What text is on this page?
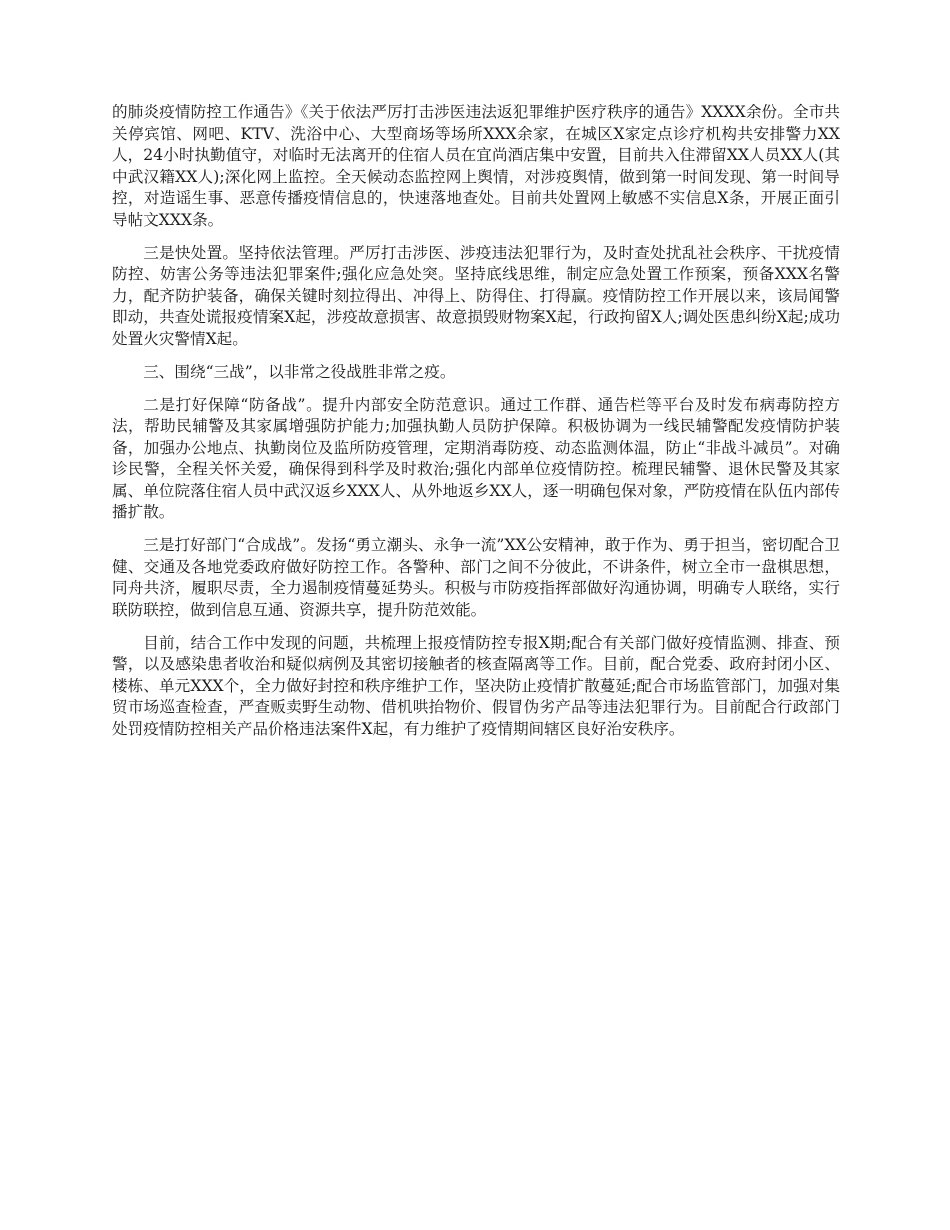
的肺炎疫情防控工作通告》《关于依法严厉打击涉医违法返犯罪维护医疗秩序的通告》XXXX余份。全市共关停宾馆、网吧、KTV、洗浴中心、大型商场等场所XXX余家，在城区X家定点诊疗机构共安排警力XX人，24小时执勤值守，对临时无法离开的住宿人员在宜尚酒店集中安置，目前共入住滞留XX人员XX人(其中武汉籍XX人);深化网上监控。全天候动态监控网上舆情，对涉疫舆情，做到第一时间发现、第一时间导控，对造谣生事、恶意传播疫情信息的，快速落地查处。目前共处置网上敏感不实信息X条，开展正面引导帖文XXX条。

三是快处置。坚持依法管理。严厉打击涉医、涉疫违法犯罪行为，及时查处扰乱社会秩序、干扰疫情防控、妨害公务等违法犯罪案件;强化应急处突。坚持底线思维，制定应急处置工作预案，预备XXX名警力，配齐防护装备，确保关键时刻拉得出、冲得上、防得住、打得赢。疫情防控工作开展以来，该局闻警即动，共查处谎报疫情案X起，涉疫故意损害、故意损毁财物案X起，行政拘留X人;调处医患纠纷X起;成功处置火灾警情X起。

三、围绕“三战”，以非常之役战胜非常之疫。

二是打好保障“防备战”。提升内部安全防范意识。通过工作群、通告栏等平台及时发布病毒防控方法，帮助民辅警及其家属增强防护能力;加强执勤人员防护保障。积极协调为一线民辅警配发疫情防护装备，加强办公地点、执勤岗位及监所防疫管理，定期消毒防疫、动态监测体温，防止“非战斗减员”。对确诊民警，全程关怀关爱，确保得到科学及时救治;强化内部单位疫情防控。梳理民辅警、退休民警及其家属、单位院落住宿人员中武汉返乡XXX人、从外地返乡XX人，逐一明确包保对象，严防疫情在队伍内部传播扩散。

三是打好部门“合成战”。发扬“勇立潮头、永争一流”XX公安精神，敢于作为、勇于担当，密切配合卫健、交通及各地党委政府做好防控工作。各警种、部门之间不分彼此，不讲条件，树立全市一盘棋思想，同舟共济，履职尽责，全力遏制疫情蔓延势头。积极与市防疫指挥部做好沟通协调，明确专人联络，实行联防联控，做到信息互通、资源共享，提升防范效能。

目前，结合工作中发现的问题，共梳理上报疫情防控专报X期;配合有关部门做好疫情监测、排查、预警，以及感染患者收治和疑似病例及其密切接触者的核查隔离等工作。目前，配合党委、政府封闭小区、楼栋、单元XXX个，全力做好封控和秩序维护工作，坚决防止疫情扩散蔓延;配合市场监管部门，加强对集贸市场巡查检查，严查贩卖野生动物、借机哄抬物价、假冒伪劣产品等违法犯罪行为。目前配合行政部门处罚疫情防控相关产品价格违法案件X起，有力维护了疫情期间辖区良好治安秩序。
